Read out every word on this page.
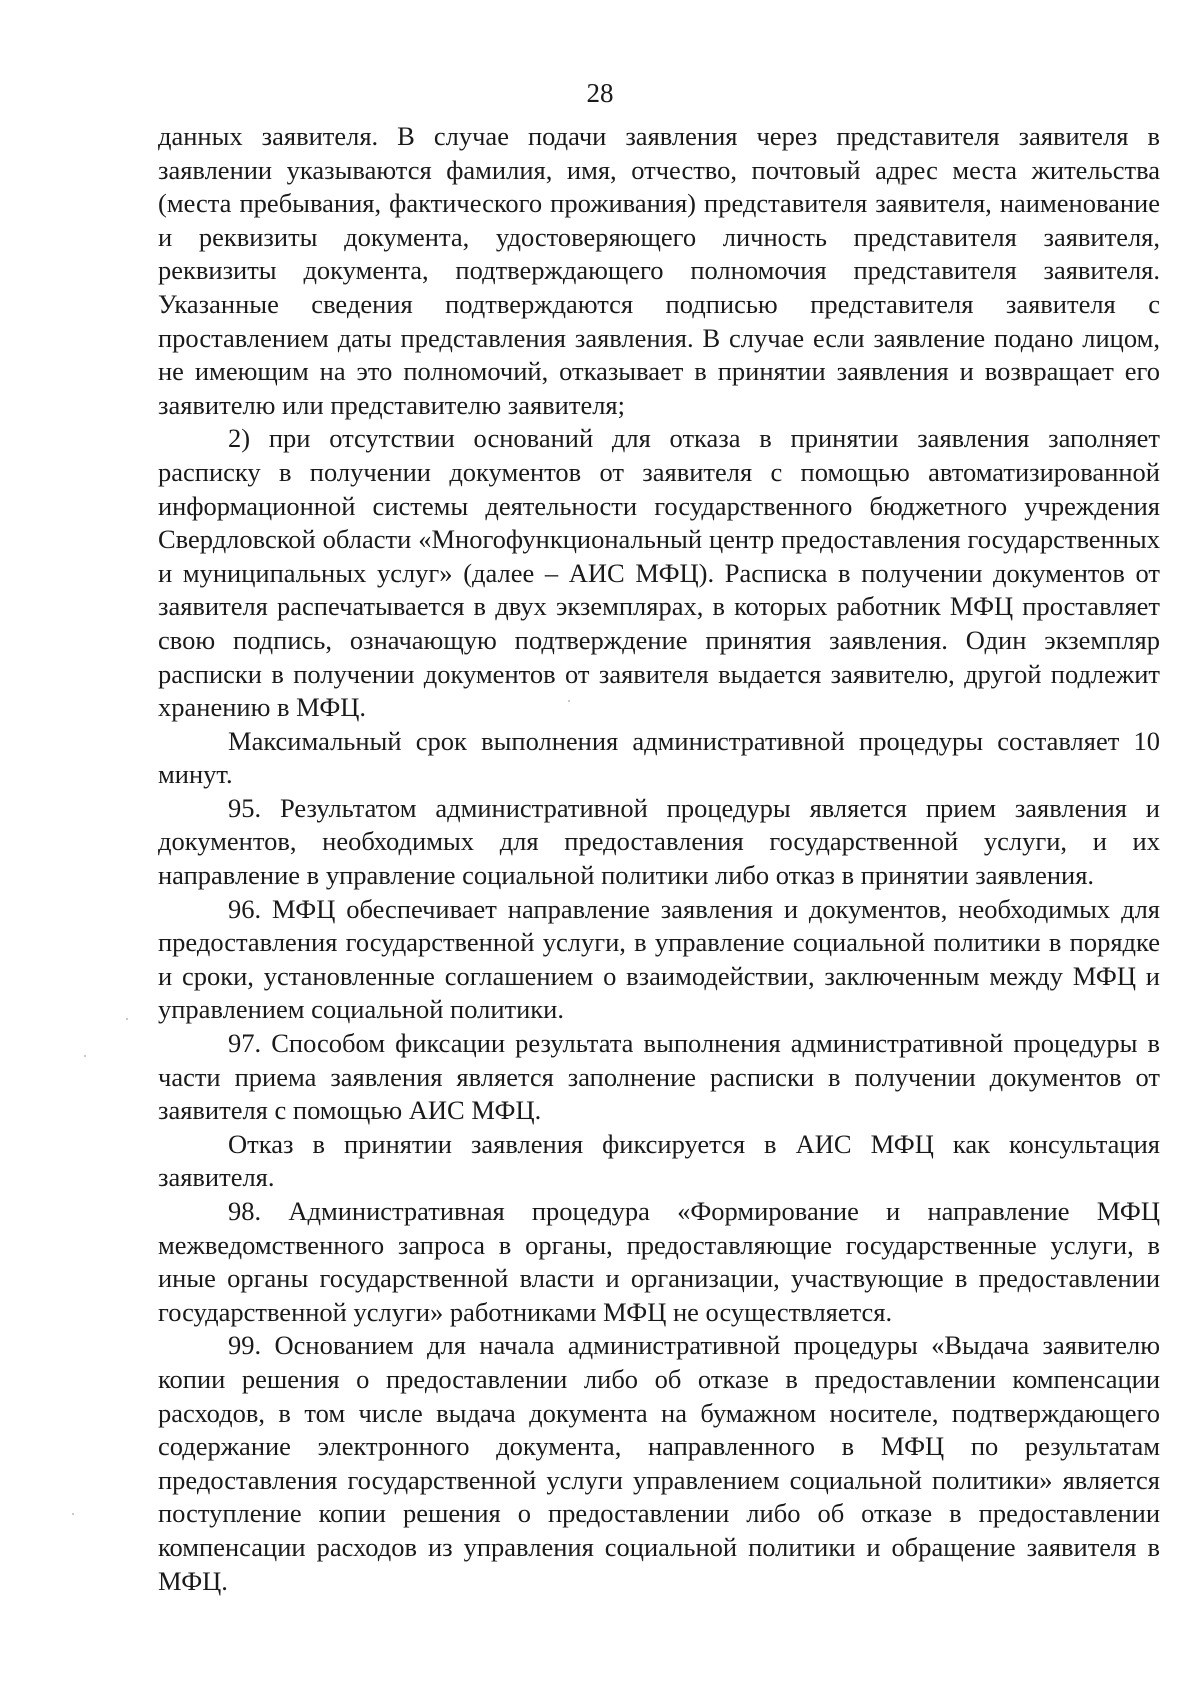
28

данных заявителя. В случае подачи заявления через представителя заявителя в заявлении указываются фамилия, имя, отчество, почтовый адрес места жительства (места пребывания, фактического проживания) представителя заявителя, наименование и реквизиты документа, удостоверяющего личность представителя заявителя, реквизиты документа, подтверждающего полномочия представителя заявителя. Указанные сведения подтверждаются подписью представителя заявителя с проставлением даты представления заявления. В случае если заявление подано лицом, не имеющим на это полномочий, отказывает в принятии заявления и возвращает его заявителю или представителю заявителя;

2) при отсутствии оснований для отказа в принятии заявления заполняет расписку в получении документов от заявителя с помощью автоматизированной информационной системы деятельности государственного бюджетного учреждения Свердловской области «Многофункциональный центр предоставления государственных и муниципальных услуг» (далее – АИС МФЦ). Расписка в получении документов от заявителя распечатывается в двух экземплярах, в которых работник МФЦ проставляет свою подпись, означающую подтверждение принятия заявления. Один экземпляр расписки в получении документов от заявителя выдается заявителю, другой подлежит хранению в МФЦ.

Максимальный срок выполнения административной процедуры составляет 10 минут.

95. Результатом административной процедуры является прием заявления и документов, необходимых для предоставления государственной услуги, и их направление в управление социальной политики либо отказ в принятии заявления.

96. МФЦ обеспечивает направление заявления и документов, необходимых для предоставления государственной услуги, в управление социальной политики в порядке и сроки, установленные соглашением о взаимодействии, заключенным между МФЦ и управлением социальной политики.

97. Способом фиксации результата выполнения административной процедуры в части приема заявления является заполнение расписки в получении документов от заявителя с помощью АИС МФЦ.

Отказ в принятии заявления фиксируется в АИС МФЦ как консультация заявителя.

98. Административная процедура «Формирование и направление МФЦ межведомственного запроса в органы, предоставляющие государственные услуги, в иные органы государственной власти и организации, участвующие в предоставлении государственной услуги» работниками МФЦ не осуществляется.

99. Основанием для начала административной процедуры «Выдача заявителю копии решения о предоставлении либо об отказе в предоставлении компенсации расходов, в том числе выдача документа на бумажном носителе, подтверждающего содержание электронного документа, направленного в МФЦ по результатам предоставления государственной услуги управлением социальной политики» является поступление копии решения о предоставлении либо об отказе в предоставлении компенсации расходов из управления социальной политики и обращение заявителя в МФЦ.
